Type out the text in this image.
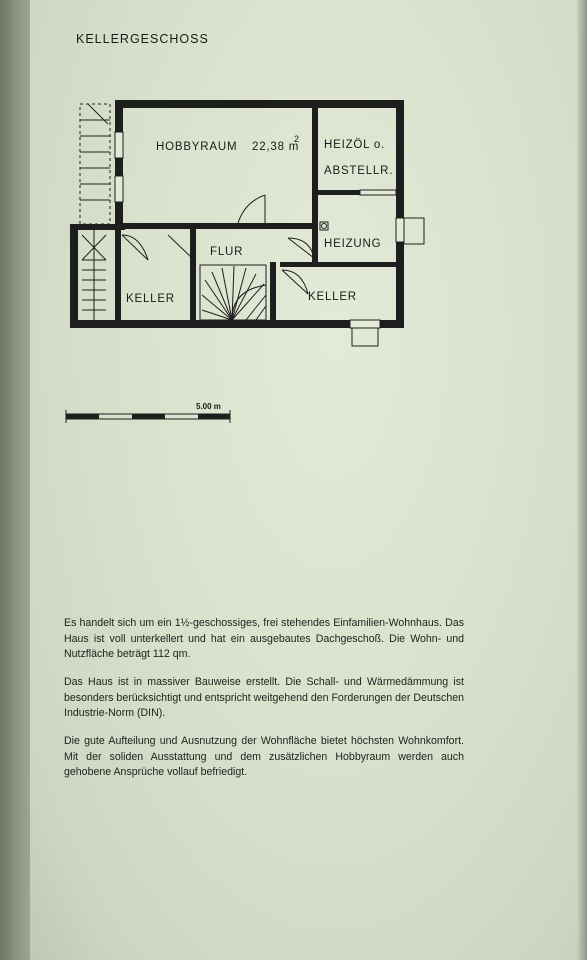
KELLERGESCHOSS
HOBBYRAUM 22,38 m
2 HEIZÖL o.
ABSTELLR.
HEIZUNG
FLUR
KELLER	KELLER
5.00 m

Es handelt sich um ein 1½-geschossiges, frei stehendes Einfamilien-Wohnhaus. Das Haus ist voll unterkellert und hat ein ausgebautes Dachgeschoß. Die Wohn- und Nutzfläche beträgt 112 qm.

Das Haus ist in massiver Bauweise erstellt. Die Schall- und Wärmedämmung ist besonders berücksichtigt und entspricht weitgehend den Forderungen der Deutschen Industrie-Norm (DIN).

Die gute Aufteilung und Ausnutzung der Wohnfläche bietet höchsten Wohnkomfort. Mit der soliden Ausstattung und dem zusätzlichen Hobbyraum werden auch gehobene Ansprüche vollauf befriedigt.
